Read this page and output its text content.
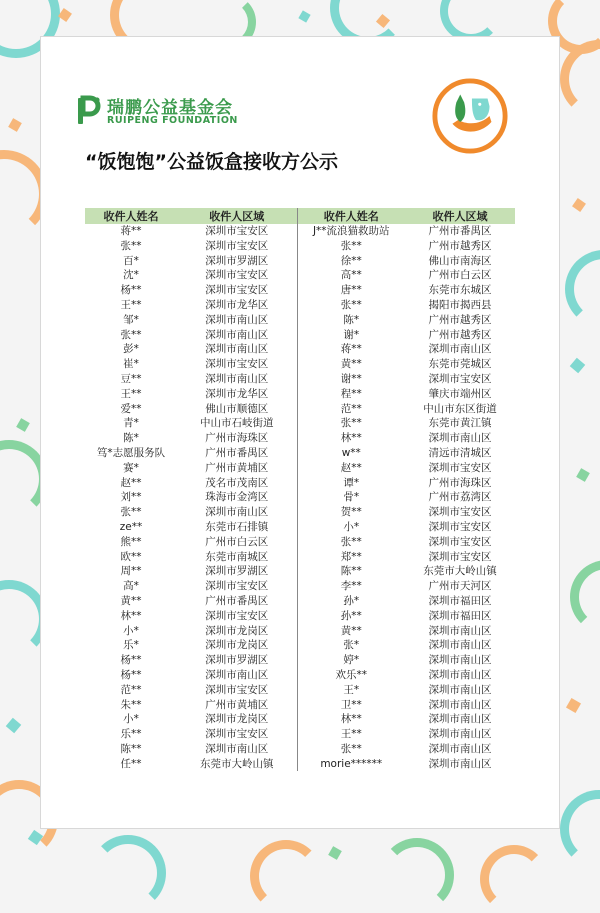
瑞鹏公益基金会
RUIPENG FOUNDATION
“饭饱饱”公益饭盒接收方公示
收件人姓名	收件人区域	收件人姓名	收件人区域
蒋**	深圳市宝安区	J**流浪猫救助站	广州市番禺区
张**	深圳市宝安区	张**	广州市越秀区
百*	深圳市罗湖区	徐**	佛山市南海区
沈*	深圳市宝安区	高**	广州市白云区
杨**	深圳市宝安区	唐**	东莞市东城区
王**	深圳市龙华区	张**	揭阳市揭西县
邹*	深圳市南山区	陈*	广州市越秀区
张**	深圳市南山区	谢*	广州市越秀区
彭*	深圳市南山区	蒋**	深圳市南山区
崔*	深圳市宝安区	黄**	东莞市莞城区
豆**	深圳市南山区	谢**	深圳市宝安区
王**	深圳市龙华区	程**	肇庆市端州区
爱**	佛山市顺德区	范**	中山市东区街道
青*	中山市石岐街道	张**	东莞市黄江镇
陈*	广州市海珠区	林**	深圳市南山区
笃*志愿服务队	广州市番禺区	w**	清远市清城区
赛*	广州市黄埔区	赵**	深圳市宝安区
赵**	茂名市茂南区	谭*	广州市海珠区
刘**	珠海市金湾区	骨*	广州市荔湾区
张**	深圳市南山区	贺**	深圳市宝安区
ze**	东莞市石排镇	小*	深圳市宝安区
熊**	广州市白云区	张**	深圳市宝安区
欧**	东莞市南城区	郑**	深圳市宝安区
周**	深圳市罗湖区	陈**	东莞市大岭山镇
高*	深圳市宝安区	李**	广州市天河区
黄**	广州市番禺区	孙*	深圳市福田区
林**	深圳市宝安区	孙**	深圳市福田区
小*	深圳市龙岗区	黄**	深圳市南山区
乐*	深圳市龙岗区	张*	深圳市南山区
杨**	深圳市罗湖区	婷*	深圳市南山区
杨**	深圳市南山区	欢乐**	深圳市南山区
范**	深圳市宝安区	王*	深圳市南山区
朱**	广州市黄埔区	卫**	深圳市南山区
小*	深圳市龙岗区	林**	深圳市南山区
乐**	深圳市宝安区	王**	深圳市南山区
陈**	深圳市南山区	张**	深圳市南山区
任**	东莞市大岭山镇	morie******	深圳市南山区
